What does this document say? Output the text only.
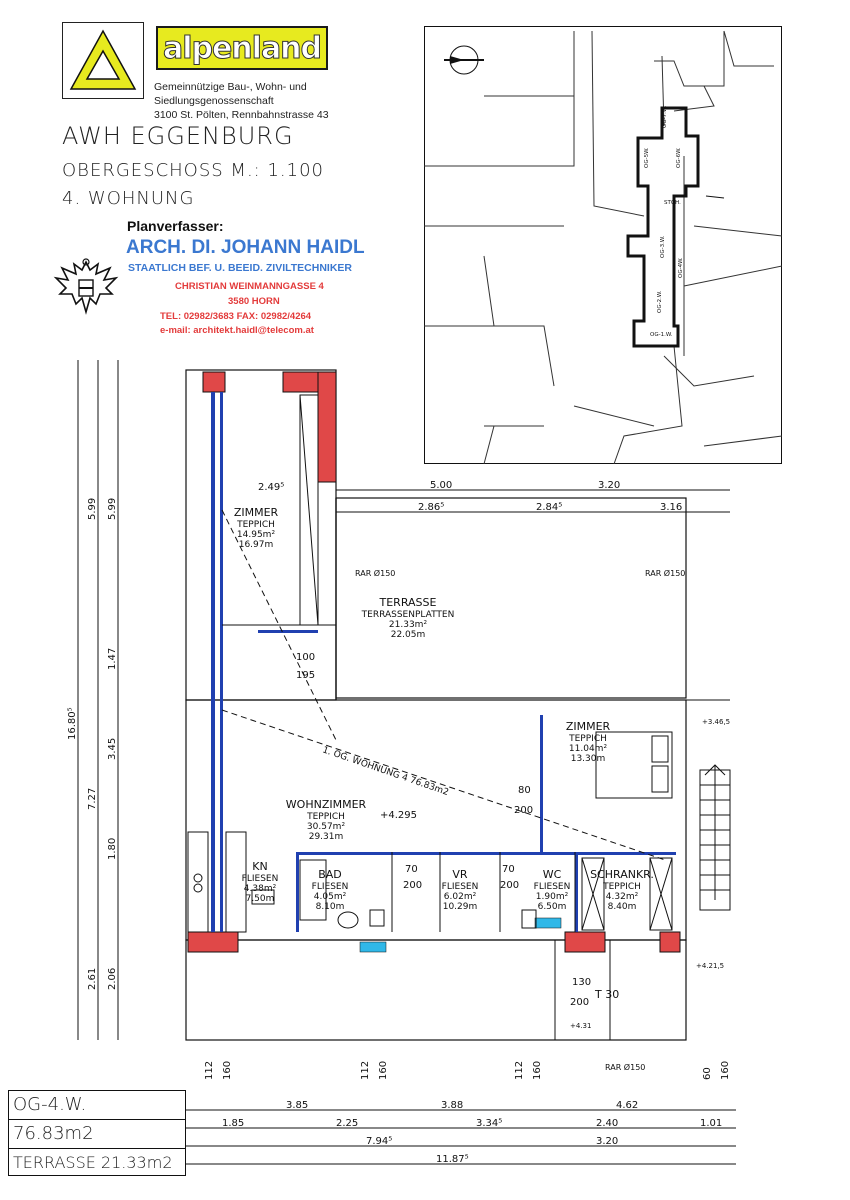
alpenland
Gemeinnützige Bau-, Wohn- und Siedlungsgenossenschaft
3100 St. Pölten, Rennbahnstrasse 43
AWH EGGENBURG
OBERGESCHOSS M.: 1.100
4. WOHNUNG
Planverfasser:
ARCH. DI. JOHANN HAIDL
STAATLICH BEF. U. BEEID. ZIVILTECHNIKER
CHRISTIAN WEINMANNGASSE 4
3580 HORN
TEL: 02982/3683 FAX: 02982/4264
e-mail: architekt.haidl@telecom.at
OG-7.W.
OG-5W.	OG-6W.
STGH.
OG-3.W.
OG-2.W.
OG-1.W.
OG-4W.
16.80⁵
5.99 5.99
7.27
3.45
1.80
1.47
2.61 2.06
5.00	3.20
2.86⁵	2.84⁵	3.16
2.49⁵
ZIMMER
TEPPICH
14.95m²
16.97m
TERRASSE
TERRASSENPLATTEN
21.33m²
22.05m
ZIMMER
TEPPICH
11.04m²
13.30m
WOHNZIMMER
TEPPICH
30.57m²
29.31m
KN
FLIESEN
4.38m²
7.50m
BAD
FLIESEN
4.05m²
8.10m
VR
FLIESEN
6.02m²
10.29m
WC
FLIESEN
1.90m²
6.50m
SCHRANKR.
TEPPICH
4.32m²
8.40m
1. OG. WOHNUNG 4 76.83m2
+4.295
+3.46,5
+4.21,5
+4.31
RAR Ø150	RAR Ø150
RAR Ø150
T 30
100
195
80
200
70
200
70
200
130
200
112 160	112 160	112 160	60 160
3.85	3.88	4.62
1.85	2.25	3.34⁵	2.40	1.01
7.94⁵	3.20
11.87⁵
OG-4.W.
76.83m2
TERRASSE 21.33m2
